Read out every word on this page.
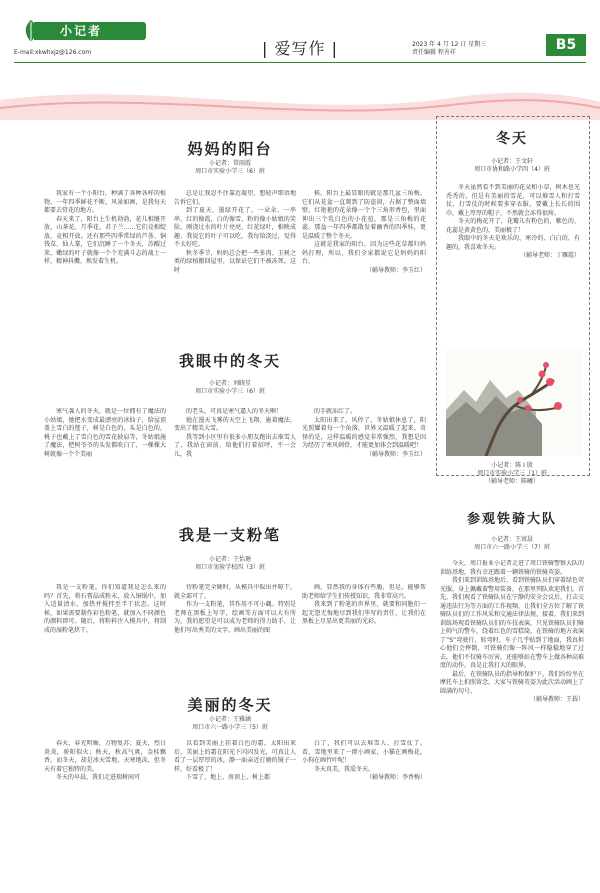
小记者
E-mail:xkwhxjz@126.com	| 爱写作 |	2023 年 4 月 12 日 星期三
责任编辑 程善祥	B5
妈妈的阳台
小记者：常雨霞
周口市实验小学三（6）班

我家有一个小阳台，种满了各种各样的植物，一年四季鲜花不断，风景如画，是我每天都要去赏花的地方。

春天来了，阳台上生机勃勃，花儿相继开放，山茶花、月季花、君子兰……它们竞相绽放，竞相开放。还有那些四季常绿的芦荟、铜钱草、仙人掌，它们沉睡了一个冬天，苏醒过来，嫩绿的叶子就像一个个充满斗志的战士一样，精神抖擞，焕发着生机。

总是让我忍不住靠近凝望，想轻声细语地告诉它们。

到了夏天，墨绿开花了，一朵朵、一串串，红的像霞，白的像雪，粉的像小姑娘的笑脸。刚浇过水的叶片亮亮，红花绿叶，相映成趣，我说它的叶子可以吃，我每给浇过，觉得不太好吃。

秋冬季节，妈妈总会把一些多肉、玉树之类的绿植搬回屋里，以保证它们不被冻死。这时

候，阳台上最显眼的就是那几盆三角梅，它们从花盆一直爬到了防盗窗，占据了整面墙壁，红艳艳的花朵像一个个三角形香包，里面伸出三个乳白色的小花苞，那是三角梅的花蕊。那盆一年四季都散发着幽香的四季桂，更是温暖了整个冬天。

这就是我家的阳台，因为这些花草都归妈妈打理，所以，我们全家都说它是妈妈的阳台。

（辅导教师：李玉红）
我眼中的冬天
小记者：刘晓星
周口市实验小学三（6）班

寒气袭人的冬天，就是一位拥有了魔法的小姑娘，她把水变成最漂亮的冰仙子，给屋顶盖上雪白的毯子，树是白色的，头是白色的，桃子也戴上了雪白色的雪花披肩等，冬姑娘施了魔法，把树爷爷的头发都吹白了，一棵棵大树就像一个个美丽

的老头，可真是寒气逼人的冬天啊！

她在漫天飞雾的天空上飞翔，施着魔法，变出了精美大雪。

我等到小区里有很多小朋友跑出去堆雪人了，我站在窗前，给他们打着招呼，不一会儿，我

的手就冻红了。

太阳出来了，风停了，冬姑娘休息了，阳光照耀着每一个角落，世界又温暖了起来。奇怪的是，这样温暖的感觉非常强烈，我想是因为经历了寒风刺骨，才能更加体会到温暖吧！

（辅导教师：李玉红）
我是一支粉笔
小记者：王怡瑭
周口市実验学校四（3）班

我是一支粉笔，你们知道我是怎么来的吗？首先，将石膏晶成粉末，放入铜锅中，加入适量清水，加热并搅拌至半干状态。这时候，如果需要制作彩色粉笔，就加入不同颜色的颜料即可。随后，将粉料注入模具中，将制成的湿粉笔烘干。

待粉笔完全硬时，从模具中取出并晾干，就全部可了。

作为一支粉笔，其作用不可小觑。特别是老师在黑板上写字，绘画等方面可以大有所为，我的愿望是可以成为老师的得力助手，让他们写出秀美的文字，画出美丽的图

画，显然我的身体有些脆，但是，能够帮助老师给学生们传授知识，我非常高兴。

我来到了粉笔的世界里，就要和同胞们一起无怨无悔地尽到我们毕写的责任，让我们在黑板上尽显出更美丽的光彩。

美丽的冬天
小记者：王雅涵
周口市六一路小学三（5）班

春天，春光明媚，万物复苏；夏天，烈日炎炎，骄阳似火；秋天，秋高气爽，金桂飘香。而冬天，却是冰天雪地，天寒地冻，但冬天有着它独特的美。

冬天的早晨，我们走进瑞树间可

以看到美丽上挂着白色的霜，太阳出来后，美丽上的霜在阳光下闪闪发光，可真让人看了一层厚厚的冰，静一面亲近打磨的镜子一样，好看极了！

下雪了，地上、房顶上、树上都

白了，我们可以去堆雪人、打雪仗了。看，雪地里来了一群小画家，小猫在画梅花，小狗在画竹叶呢！

冬天真美，我爱冬天。

（辅导教师：李香梅）
冬天
小记者：王文轩
周口市协和路小学四（4）班

冬天虽然看不到美丽的花朵和小草，树木也光秃秃的，但是有美丽的雪花，可以堆雪人和打雪仗，打雪仗的时候要多穿衣服，要戴上长长的围巾，戴上厚厚的帽子，不然就会冻得很疼。

冬天的梅花开了，花瓣儿有粉色的，紫色的，花蕊是黄黄色的，美丽极了！

我眼中的冬天是欢乐的、寒冷的、白白的、有趣的，我喜欢冬天。

（辅导老师：丁雁霞）
小记者：陈 I 殷
周口市实验小学三（1）班
（辅导老师：陈曦）
参观铁骑大队
小记者：王寓晨
周口市六一路小学三（7）班

今天，周口报业小记者走进了周口铁骑警察大队的训练基地，我有幸还跟着一辆铁骑的铁骑英姿。

我们来到训练基地后，看到铁骑队员们穿着绿色荧光服，身上佩戴着警用装备，在那里列队欢迎我们，首先，我们观看了铁骑队员在宁静的安全会议后，打击交通违法行为等方面的工作视频，让我们全方位了解了铁骑队员们的工作风采和交通法律法规，接着，我们来到训练场观看铁骑队员们的车技表演，只见铁骑队员们骑上帅气的警车，绕着红色的雪糕筒，在铁骑的地方表演了“S”弯驶行，转弯时，车子几乎贴到了地面，我真担心他们会摔倒，可铁骑们像一阵风一样稳稳地穿了过去。他们不仅骑车厉害，还能够站在警车上做各种高难度的动作，真是让我打大的眼界。

最后，在铁骑队员的指导和保护下，我们纷纷坐在摩托车上拍照留念，大家与铁骑英姿为此次活动画上了圆满的句号。

（辅导教师：王载）
